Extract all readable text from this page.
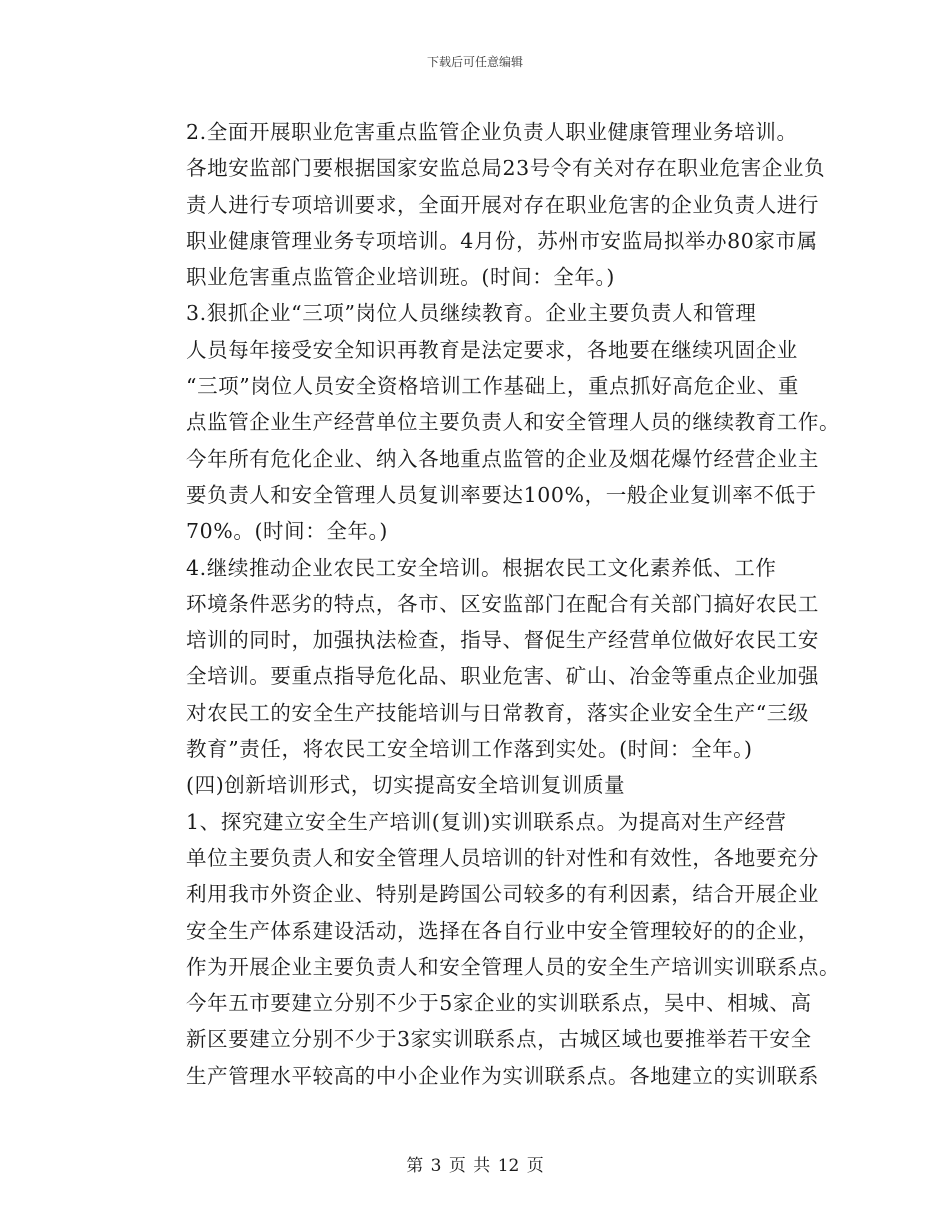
下载后可任意编辑

2.全面开展职业危害重点监管企业负责人职业健康管理业务培训。
各地安监部门要根据国家安监总局23号令有关对存在职业危害企业负
责人进行专项培训要求，全面开展对存在职业危害的企业负责人进行
职业健康管理业务专项培训。4月份，苏州市安监局拟举办80家市属
职业危害重点监管企业培训班。(时间：全年。)

3.狠抓企业“三项”岗位人员继续教育。企业主要负责人和管理
人员每年接受安全知识再教育是法定要求，各地要在继续巩固企业
“三项”岗位人员安全资格培训工作基础上，重点抓好高危企业、重
点监管企业生产经营单位主要负责人和安全管理人员的继续教育工作。
今年所有危化企业、纳入各地重点监管的企业及烟花爆竹经营企业主
要负责人和安全管理人员复训率要达100%，一般企业复训率不低于
70%。(时间：全年。)

4.继续推动企业农民工安全培训。根据农民工文化素养低、工作
环境条件恶劣的特点，各市、区安监部门在配合有关部门搞好农民工
培训的同时，加强执法检查，指导、督促生产经营单位做好农民工安
全培训。要重点指导危化品、职业危害、矿山、冶金等重点企业加强
对农民工的安全生产技能培训与日常教育，落实企业安全生产“三级
教育”责任，将农民工安全培训工作落到实处。(时间：全年。)

(四)创新培训形式，切实提高安全培训复训质量

1、探究建立安全生产培训(复训)实训联系点。为提高对生产经营
单位主要负责人和安全管理人员培训的针对性和有效性，各地要充分
利用我市外资企业、特别是跨国公司较多的有利因素，结合开展企业
安全生产体系建设活动，选择在各自行业中安全管理较好的的企业，
作为开展企业主要负责人和安全管理人员的安全生产培训实训联系点。
今年五市要建立分别不少于5家企业的实训联系点，吴中、相城、高
新区要建立分别不少于3家实训联系点，古城区域也要推举若干安全
生产管理水平较高的中小企业作为实训联系点。各地建立的实训联系

第 3 页 共 12 页
